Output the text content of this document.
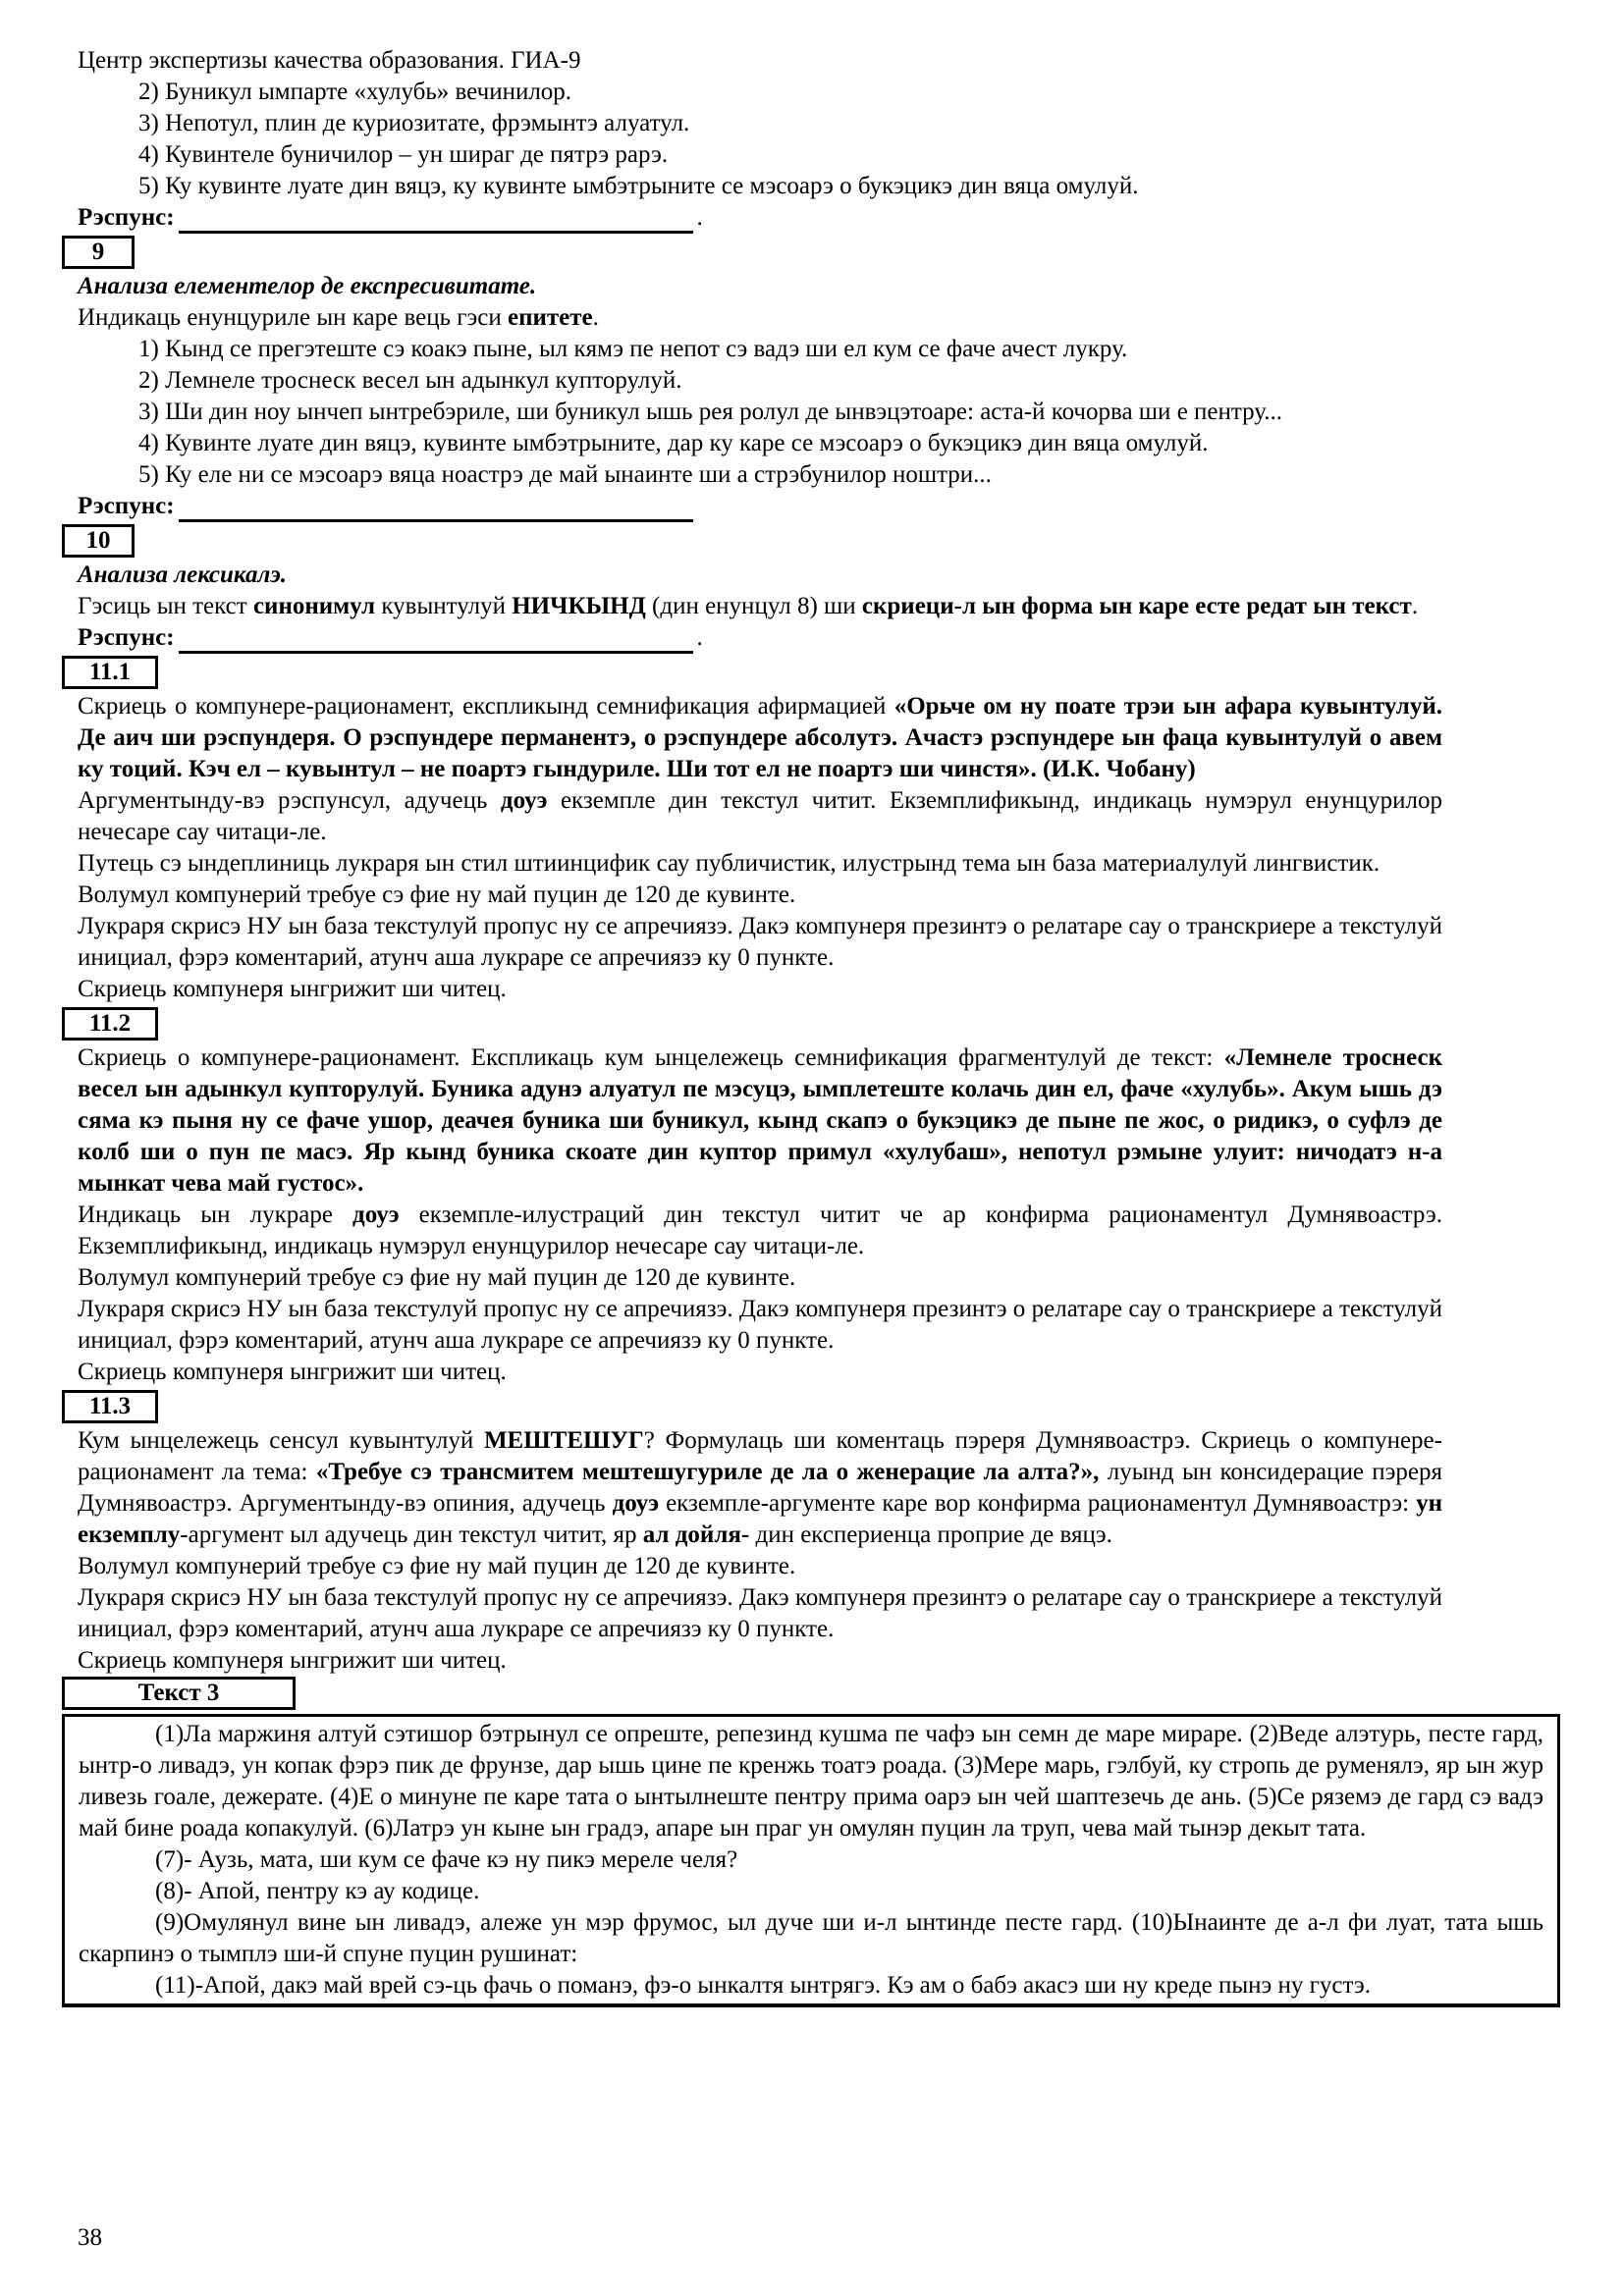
Центр экспертизы качества образования. ГИА-9
2) Буникул ымпарте «хулубь» вечинилор.
3) Непотул, плин де куриозитате, фрэмынтэ алуатул.
4) Кувинтеле буничилор – ун шираг де пятрэ рарэ.
5) Ку кувинте луате дин вяцэ, ку кувинте ымбэтрыните се мэсоарэ о букэцикэ дин вяца омулуй.
Рэспунс:	.
9
Анализа елементелор де експресивитате.
Индикаць енунцуриле ын каре вець гэси епитете.
1) Кынд се прегэтеште сэ коакэ пыне, ыл кямэ пе непот сэ вадэ ши ел кум се фаче ачест лукру.
2) Лемнеле троснеск весел ын адынкул купторулуй.
3) Ши дин ноу ынчеп ынтребэриле, ши буникул ышь рея ролул де ынвэцэтоаре: аста-й кочорва ши е пентру...
4) Кувинте луате дин вяцэ, кувинте ымбэтрыните, дар ку каре се мэсоарэ о букэцикэ дин вяца омулуй.
5) Ку еле ни се мэсоарэ вяца ноастрэ де май ынаинте ши а стрэбунилор ноштри...
Рэспунс:
10
Анализа лексикалэ.

Гэсиць ын текст синонимул кувынтулуй НИЧКЫНД (дин енунцул 8) ши скриеци-л ын форма ын каре есте редат ын текст.

Рэспунс:	.
11.1

Скриець о компунере-рационамент, експликынд семнификация афирмацией «Орьче ом ну поате трэи ын афара кувынтулуй. Де аич ши рэспундеря. О рэспундере перманентэ, о рэспундере абсолутэ. Ачастэ рэспундере ын фаца кувынтулуй о авем ку тоций. Кэч ел – кувынтул – не поартэ гындуриле. Ши тот ел не поартэ ши чинстя». (И.К. Чобану)

Аргументынду-вэ рэспунсул, адучець доуэ екземпле дин текстул читит. Екземплификынд, индикаць нумэрул енунцурилор нечесаре сау читаци-ле.

Путець сэ ындеплиниць лукраря ын стил штиинцифик сау публичистик, илустрынд тема ын база материалулуй лингвистик.

Волумул компунерий требуе сэ фие ну май пуцин де 120 де кувинте.

Лукраря скрисэ НУ ын база текстулуй пропус ну се апречиязэ. Дакэ компунеря презинтэ о релатаре сау о транскриере а текстулуй инициал, фэрэ коментарий, атунч аша лукраре се апречиязэ ку 0 пункте.

Скриець компунеря ынгрижит ши читец.

11.2

Скриець о компунере-рационамент. Експликаць кум ынцележець семнификация фрагментулуй де текст: «Лемнеле троснеск весел ын адынкул купторулуй. Буника адунэ алуатул пе мэсуцэ, ымплетеште колачь дин ел, фаче «хулубь». Акум ышь дэ сяма кэ пыня ну се фаче ушор, деачея буника ши буникул, кынд скапэ о букэцикэ де пыне пе жос, о ридикэ, о суфлэ де колб ши о пун пе масэ. Яр кынд буника скоате дин куптор примул «хулубаш», непотул рэмыне улуит: ничодатэ н-а мынкат чева май густос».

Индикаць ын лукраре доуэ екземпле-илустраций дин текстул читит че ар конфирма рационаментул Думнявоастрэ. Екземплификынд, индикаць нумэрул енунцурилор нечесаре сау читаци-ле.

Волумул компунерий требуе сэ фие ну май пуцин де 120 де кувинте.

Лукраря скрисэ НУ ын база текстулуй пропус ну се апречиязэ. Дакэ компунеря презинтэ о релатаре сау о транскриере а текстулуй инициал, фэрэ коментарий, атунч аша лукраре се апречиязэ ку 0 пункте.

Скриець компунеря ынгрижит ши читец.

11.3

Кум ынцележець сенсул кувынтулуй МЕШТЕШУГ? Формулаць ши коментаць пэреря Думнявоастрэ. Скриець о компунере-рационамент ла тема: «Требуе сэ трансмитем мештешугуриле де ла о женерацие ла алта?», луынд ын консидерацие пэреря Думнявоастрэ. Аргументынду-вэ опиния, адучець доуэ екземпле-аргументе каре вор конфирма рационаментул Думнявоастрэ: ун екземплу-аргумент ыл адучець дин текстул читит, яр ал дойля- дин експериенца проприе де вяцэ.

Волумул компунерий требуе сэ фие ну май пуцин де 120 де кувинте.

Лукраря скрисэ НУ ын база текстулуй пропус ну се апречиязэ. Дакэ компунеря презинтэ о релатаре сау о транскриере а текстулуй инициал, фэрэ коментарий, атунч аша лукраре се апречиязэ ку 0 пункте.

Скриець компунеря ынгрижит ши читец.

Текст 3

(1)Ла маржиня алтуй сэтишор бэтрынул се опреште, репезинд кушма пе чафэ ын семн де маре мираре. (2)Веде алэтурь, песте гард, ынтр-о ливадэ, ун копак фэрэ пик де фрунзе, дар ышь цине пе кренжь тоатэ роада. (3)Мере марь, гэлбуй, ку стропь де руменялэ, яр ын жур ливезь гоале, дежерате. (4)Е о минуне пе каре тата о ынтылнеште пентру прима оарэ ын чей шаптезечь де ань. (5)Се ряземэ де гард сэ вадэ май бине роада копакулуй. (6)Латрэ ун кыне ын градэ, апаре ын праг ун омулян пуцин ла труп, чева май тынэр декыт тата.

(7)- Аузь, мата, ши кум се фаче кэ ну пикэ мереле челя?

(8)- Апой, пентру кэ ау кодице.

(9)Омулянул вине ын ливадэ, алеже ун мэр фрумос, ыл дуче ши и-л ынтинде песте гард. (10)Ынаинте де а-л фи луат, тата ышь скарпинэ о тымплэ ши-й спуне пуцин рушинат:

(11)-Апой, дакэ май врей сэ-ць фачь о поманэ, фэ-о ынкалтя ынтрягэ. Кэ ам о бабэ акасэ ши ну креде пынэ ну густэ.

38
